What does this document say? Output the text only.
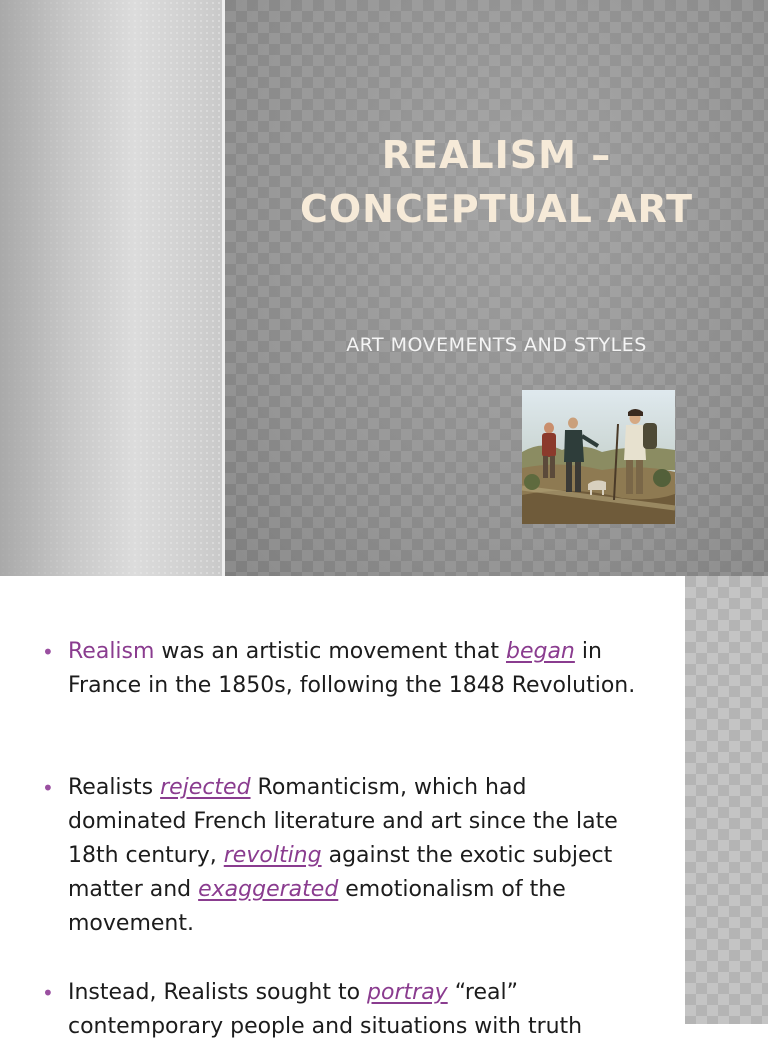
REALISM –
CONCEPTUAL ART
ART MOVEMENTS AND STYLES
• Realism was an artistic movement that began in France in the 1850s, following the 1848 Revolution.
• Realists rejected Romanticism, which had dominated French literature and art since the late 18th century, revolting against the exotic subject matter and exaggerated emotionalism of the movement.
• Instead, Realists sought to portray “real” contemporary people and situations with truth
